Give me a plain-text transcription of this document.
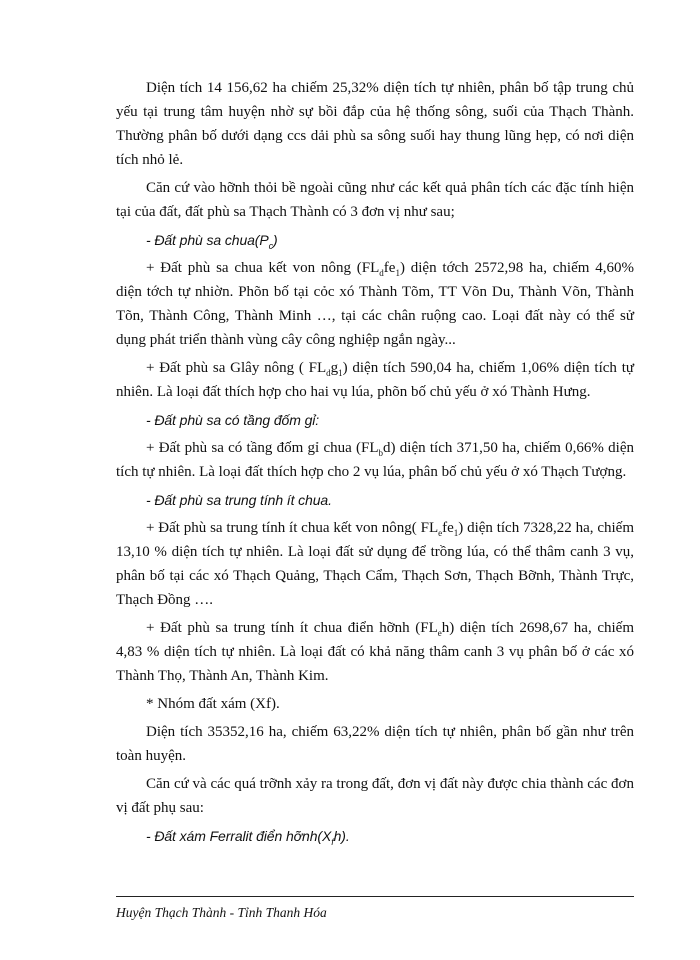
Diện tích 14 156,62 ha chiếm 25,32% diện tích tự nhiên, phân bố tập trung chủ yếu tại trung tâm huyện nhờ sự bồi đắp của hệ thống sông, suối của Thạch Thành. Thường phân bố dưới dạng ccs dải phù sa sông suối hay thung lũng hẹp, có nơi diện tích nhỏ lẻ.

Căn cứ vào hỡnh thỏi bề ngoài cũng như các kết quả phân tích các đặc tính hiện tại của đất, đất phù sa Thạch Thành có 3 đơn vị như sau;

- Đất phù sa $chua(P_c)$

+ Đất phù sa chua kết von nông $(FL_dfe_1)$ diện tớch 2572,98 ha, chiếm 4,60% diện tớch tự nhiờn. Phõn bố tại cỏc xó Thành Tõm, TT Võn Du, Thành Võn, Thành Tõn, Thành Công, Thành Minh …, tại các chân ruộng cao. Loại đất này có thể sử dụng phát triển thành vùng cây công nghiệp ngắn ngày...

+ Đất phù sa Glây nông ( $FL_dg_1$) diện tích 590,04 ha, chiếm 1,06% diện tích tự nhiên. Là loại đất thích hợp cho hai vụ lúa, phõn bố chủ yếu ở xó Thành Hưng.

- Đất phù sa có tầng đốm gỉ:

+ Đất phù sa có tầng đốm gỉ chua $(FL_bd)$ diện tích 371,50 ha, chiếm 0,66% diện tích tự nhiên. Là loại đất thích hợp cho 2 vụ lúa, phân bố chủ yếu ở xó Thạch Tượng.

- Đất phù sa trung tính ít chua.

+ Đất phù sa trung tính ít chua kết von nông( $FL_efe_1$) diện tích 7328,22 ha, chiếm 13,10 % diện tích tự nhiên. Là loại đất sử dụng để trồng lúa, có thể thâm canh 3 vụ, phân bố tại các xó Thạch Quảng, Thạch Cẩm, Thạch Sơn, Thạch Bỡnh, Thành Trực, Thạch Đồng ….

+ Đất phù sa trung tính ít chua điển hỡnh $(FL_eh)$ diện tích 2698,67 ha, chiếm 4,83 % diện tích tự nhiên. Là loại đất có khả năng thâm canh 3 vụ phân bố ở các xó Thành Thọ, Thành An, Thành Kim.

* Nhóm đất xám (Xf).

Diện tích 35352,16 ha, chiếm 63,22% diện tích tự nhiên, phân bố gần như trên toàn huyện.

Căn cứ và các quá trỡnh xảy ra trong đất, đơn vị đất này được chia thành các đơn vị đất phụ sau:

- Đất xám Ferralit điển $hỡnh(X_fh)$.

Huyện Thạch Thành - Tỉnh Thanh Hóa
